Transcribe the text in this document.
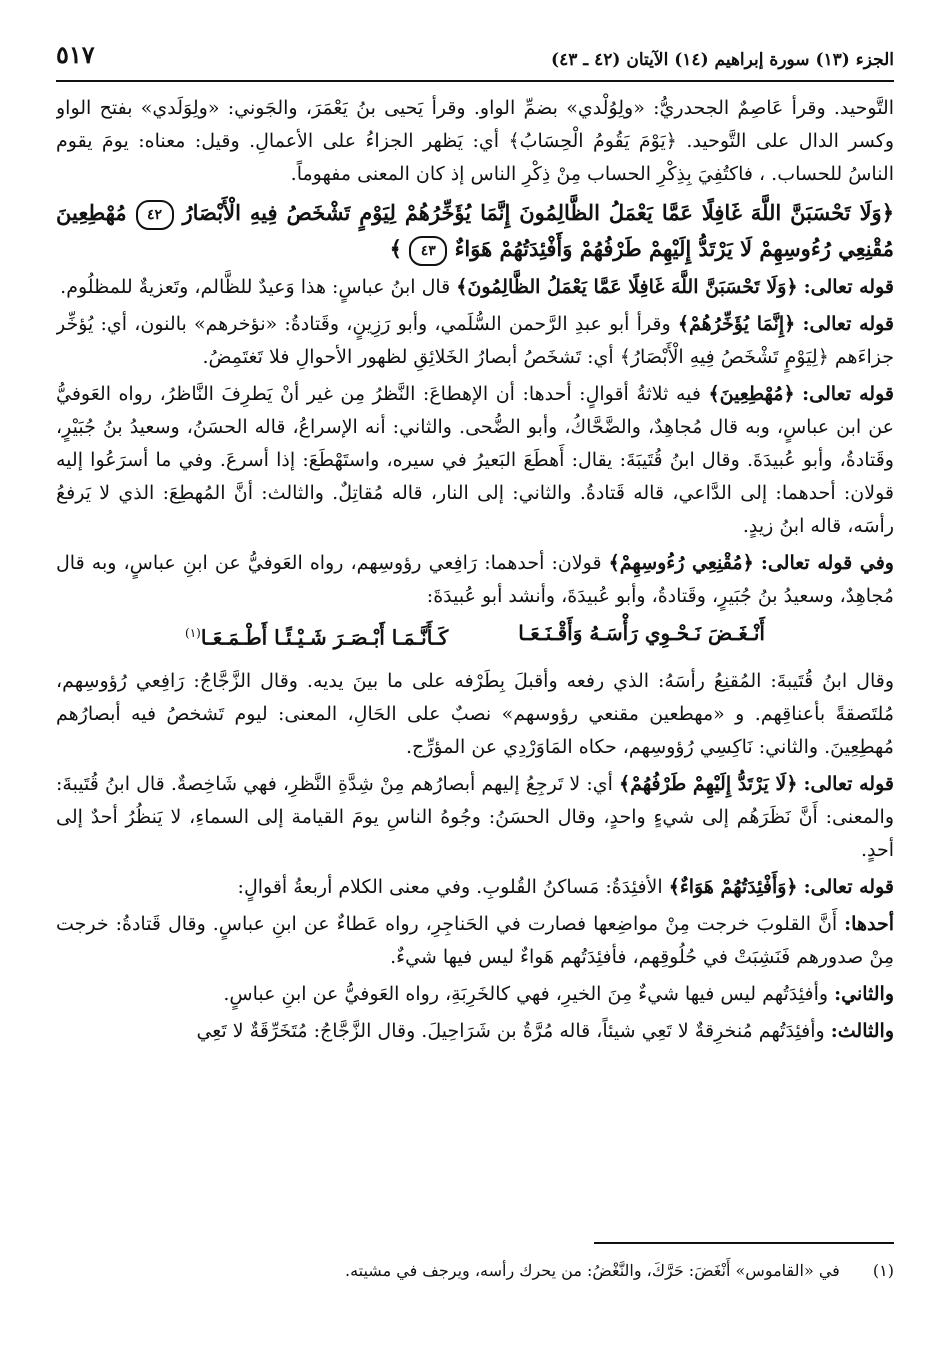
الجزء (١٣) سورة إبراهيم (١٤) الآيتان (٤٢ ـ ٤٣)
٥١٧

التَّوحيد. وقرأ عَاصِمٌ الجحدريُّ: «ولِوُلْدي» بضمِّ الواو. وقرأ يَحيى بنُ يَعْمَرَ، والجَوني: «ولِوَلَدي» بفتح الواو وكسر الدال على التَّوحيد. ﴿يَوْمَ يَقُومُ الْحِسَابُ﴾ أي: يَظهر الجزاءُ على الأعمالِ. وقيل: معناه: يومَ يقوم الناسُ للحساب. ، فاكتُفِيَ بِذِكْرِ الحساب مِنْ ذِكْرِ الناس إذ كان المعنى مفهوماً.

﴿وَلَا تَحْسَبَنَّ اللَّهَ غَافِلًا عَمَّا يَعْمَلُ الظَّالِمُونَ إِنَّمَا يُؤَخِّرُهُمْ لِيَوْمٍ تَشْخَصُ فِيهِ الْأَبْصَارُ ٤٢ مُهْطِعِينَ مُقْنِعِي رُءُوسِهِمْ لَا يَرْتَدُّ إِلَيْهِمْ طَرْفُهُمْ وَأَفْئِدَتُهُمْ هَوَاءٌ ٤٣ ﴾

قوله تعالى: ﴿وَلَا تَحْسَبَنَّ اللَّهَ غَافِلًا عَمَّا يَعْمَلُ الظَّالِمُونَ﴾ قال ابنُ عباسٍ: هذا وَعيدٌ للظَّالم، وتَعزيةٌ للمظلُوم.

قوله تعالى: ﴿إِنَّمَا يُؤَخِّرُهُمْ﴾ وقرأ أبو عبدِ الرَّحمن السُّلَمي، وأبو رَزِينٍ، وقَتادةُ: «نؤخرهم» بالنون، أي: يُؤخِّر جزاءَهم ﴿لِيَوْمٍ تَشْخَصُ فِيهِ الْأَبْصَارُ﴾ أي: تَشخَصُ أبصارُ الخَلائِقِ لظهور الأحوالِ فلا تَغتَمِضُ.

قوله تعالى: ﴿مُهْطِعِينَ﴾ فيه ثلاثةُ أقوالٍ: أحدها: أن الإهطاعَ: النَّظرُ مِن غير أنْ يَطرِفَ النَّاظرُ، رواه العَوفيُّ عن ابن عباسٍ، وبه قال مُجاهِدٌ، والضَّحَّاكُ، وأبو الضُّحى. والثاني: أنه الإسراعُ، قاله الحسَنُ، وسعيدُ بنُ جُبَيْرٍ، وقَتادةُ، وأبو عُبيدَةَ. وقال ابنُ قُتَيبَةَ: يقال: أَهطَعَ البَعيرُ في سيره، واستَهْطَعَ: إذا أسرعَ. وفي ما أسرَعُوا إليه قولان: أحدهما: إلى الدَّاعي، قاله قَتادةُ. والثاني: إلى النار، قاله مُقاتِلٌ. والثالث: أنَّ المُهطِعَ: الذي لا يَرفعُ رأسَه، قاله ابنُ زيدٍ.

وفي قوله تعالى: ﴿مُقْنِعِي رُءُوسِهِمْ﴾ قولان: أحدهما: رَافِعي رؤوسِهم، رواه العَوفيُّ عن ابنِ عباسٍ، وبه قال مُجاهِدٌ، وسعيدُ بنُ جُبَيرٍ، وقَتادةُ، وأبو عُبيدَةَ، وأنشد أبو عُبيدَةَ:

أَنْـغَـضَ نَـحْـوِي رَأْسَـهُ وَأَقْـنَـعَـا
كَـأَنَّـمَـا أَبْـصَـرَ شَـيْـئًـا أَطْـمَـعَـا$^{(١)}$

وقال ابنُ قُتَيبةَ: المُقنِعُ رأسَهُ: الذي رفعه وأقبلَ بِطَرْفه على ما بينَ يديه. وقال الزَّجَّاجُ: رَافِعي رُؤوسِهم، مُلتَصقةً بأعناقِهم. و «مهطعين مقنعي رؤوسهم» نصبٌ على الحَالِ، المعنى: ليوم تَشخصُ فيه أبصارُهم مُهطِعِينَ. والثاني: نَاكِسِي رُؤوسِهم، حكاه المَاوَرْدِي عن المؤرِّج.

قوله تعالى: ﴿لَا يَرْتَدُّ إِلَيْهِمْ طَرْفُهُمْ﴾ أي: لا تَرجِعُ إليهم أبصارُهم مِنْ شِدَّةِ النَّظرِ، فهي شَاخِصةٌ. قال ابنُ قُتَيبةَ: والمعنى: أَنَّ نَظَرَهُم إلى شيءٍ واحدٍ، وقال الحسَنُ: وجُوهُ الناسِ يومَ القيامة إلى السماءِ، لا يَنظُرُ أحدٌ إلى أحدٍ.

قوله تعالى: ﴿وَأَفْئِدَتُهُمْ هَوَاءٌ﴾ الأفئِدَةُ: مَساكنُ القُلوبِ. وفي معنى الكلام أربعةُ أقوالٍ:

أحدها: أَنَّ القلوبَ خرجت مِنْ مواضِعها فصارت في الحَناجِرِ، رواه عَطاءٌ عن ابنِ عباسٍ. وقال قَتادةُ: خرجت مِنْ صدورهم فَنَشِبَتْ في حُلُوقِهم، فأفئِدَتُهم هَواءٌ ليس فيها شيءٌ.

والثاني: وأفئِدَتُهم ليس فيها شيءٌ مِنَ الخيرِ، فهي كالخَرِبَةِ، رواه العَوفيُّ عن ابنِ عباسٍ.

والثالث: وأفئِدَتُهم مُنخرِقةٌ لا تَعِي شيئاً، قاله مُرَّةُ بن شَرَاحِيلَ. وقال الزَّجَّاجُ: مُتَخَرِّقَةٌ لا تَعِي

(١) في «القاموس» أَنْغَضَ: حَرَّكَ، والنَّغْضُ: من يحرك رأسه، ويرجف في مشيته.
